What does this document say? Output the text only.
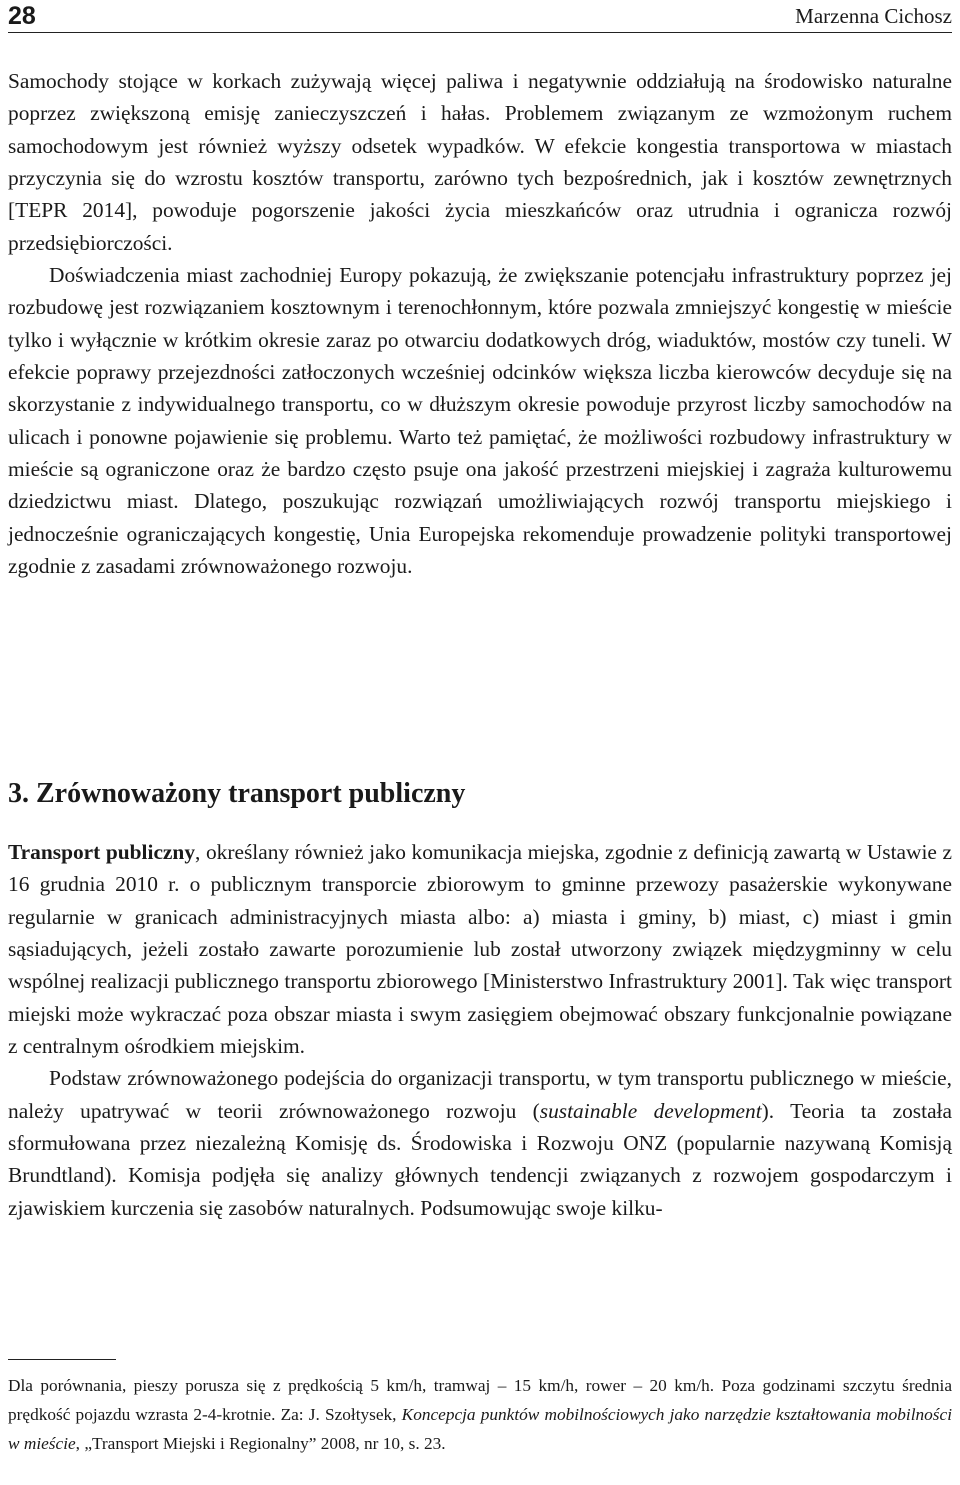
28	Marzenna Cichosz

Samochody stojące w korkach zużywają więcej paliwa i negatywnie oddziałują na środowisko naturalne poprzez zwiększoną emisję zanieczyszczeń i hałas. Problemem związanym ze wzmożonym ruchem samochodowym jest również wyższy odsetek wypadków. W efekcie kongestia transportowa w miastach przyczynia się do wzrostu kosztów transportu, zarówno tych bezpośrednich, jak i kosztów zewnętrznych [TEPR 2014], powoduje pogorszenie jakości życia mieszkańców oraz utrudnia i ogranicza rozwój przedsiębiorczości.

Doświadczenia miast zachodniej Europy pokazują, że zwiększanie potencjału infrastruktury poprzez jej rozbudowę jest rozwiązaniem kosztownym i terenochłonnym, które pozwala zmniejszyć kongestię w mieście tylko i wyłącznie w krótkim okresie zaraz po otwarciu dodatkowych dróg, wiaduktów, mostów czy tuneli. W efekcie poprawy przejezdności zatłoczonych wcześniej odcinków większa liczba kierowców decyduje się na skorzystanie z indywidualnego transportu, co w dłuższym okresie powoduje przyrost liczby samochodów na ulicach i ponowne pojawienie się problemu. Warto też pamiętać, że możliwości rozbudowy infrastruktury w mieście są ograniczone oraz że bardzo często psuje ona jakość przestrzeni miejskiej i zagraża kulturowemu dziedzictwu miast. Dlatego, poszukując rozwiązań umożliwiających rozwój transportu miejskiego i jednocześnie ograniczających kongestię, Unia Europejska rekomenduje prowadzenie polityki transportowej zgodnie z zasadami zrównoważonego rozwoju.

3. Zrównoważony transport publiczny

Transport publiczny, określany również jako komunikacja miejska, zgodnie z definicją zawartą w Ustawie z 16 grudnia 2010 r. o publicznym transporcie zbiorowym to gminne przewozy pasażerskie wykonywane regularnie w granicach administracyjnych miasta albo: a) miasta i gminy, b) miast, c) miast i gmin sąsiadujących, jeżeli zostało zawarte porozumienie lub został utworzony związek międzygminny w celu wspólnej realizacji publicznego transportu zbiorowego [Ministerstwo Infrastruktury 2001]. Tak więc transport miejski może wykraczać poza obszar miasta i swym zasięgiem obejmować obszary funkcjonalnie powiązane z centralnym ośrodkiem miejskim.

Podstaw zrównoważonego podejścia do organizacji transportu, w tym transportu publicznego w mieście, należy upatrywać w teorii zrównoważonego rozwoju (sustainable development). Teoria ta została sformułowana przez niezależną Komisję ds. Środowiska i Rozwoju ONZ (popularnie nazywaną Komisją Brundtland). Komisja podjęła się analizy głównych tendencji związanych z rozwojem gospodarczym i zjawiskiem kurczenia się zasobów naturalnych. Podsumowując swoje kilku-

Dla porównania, pieszy porusza się z prędkością 5 km/h, tramwaj – 15 km/h, rower – 20 km/h. Poza godzinami szczytu średnia prędkość pojazdu wzrasta 2-4-krotnie. Za: J. Szołtysek, Koncepcja punktów mobilnościowych jako narzędzie kształtowania mobilności w mieście, „Transport Miejski i Regionalny” 2008, nr 10, s. 23.
